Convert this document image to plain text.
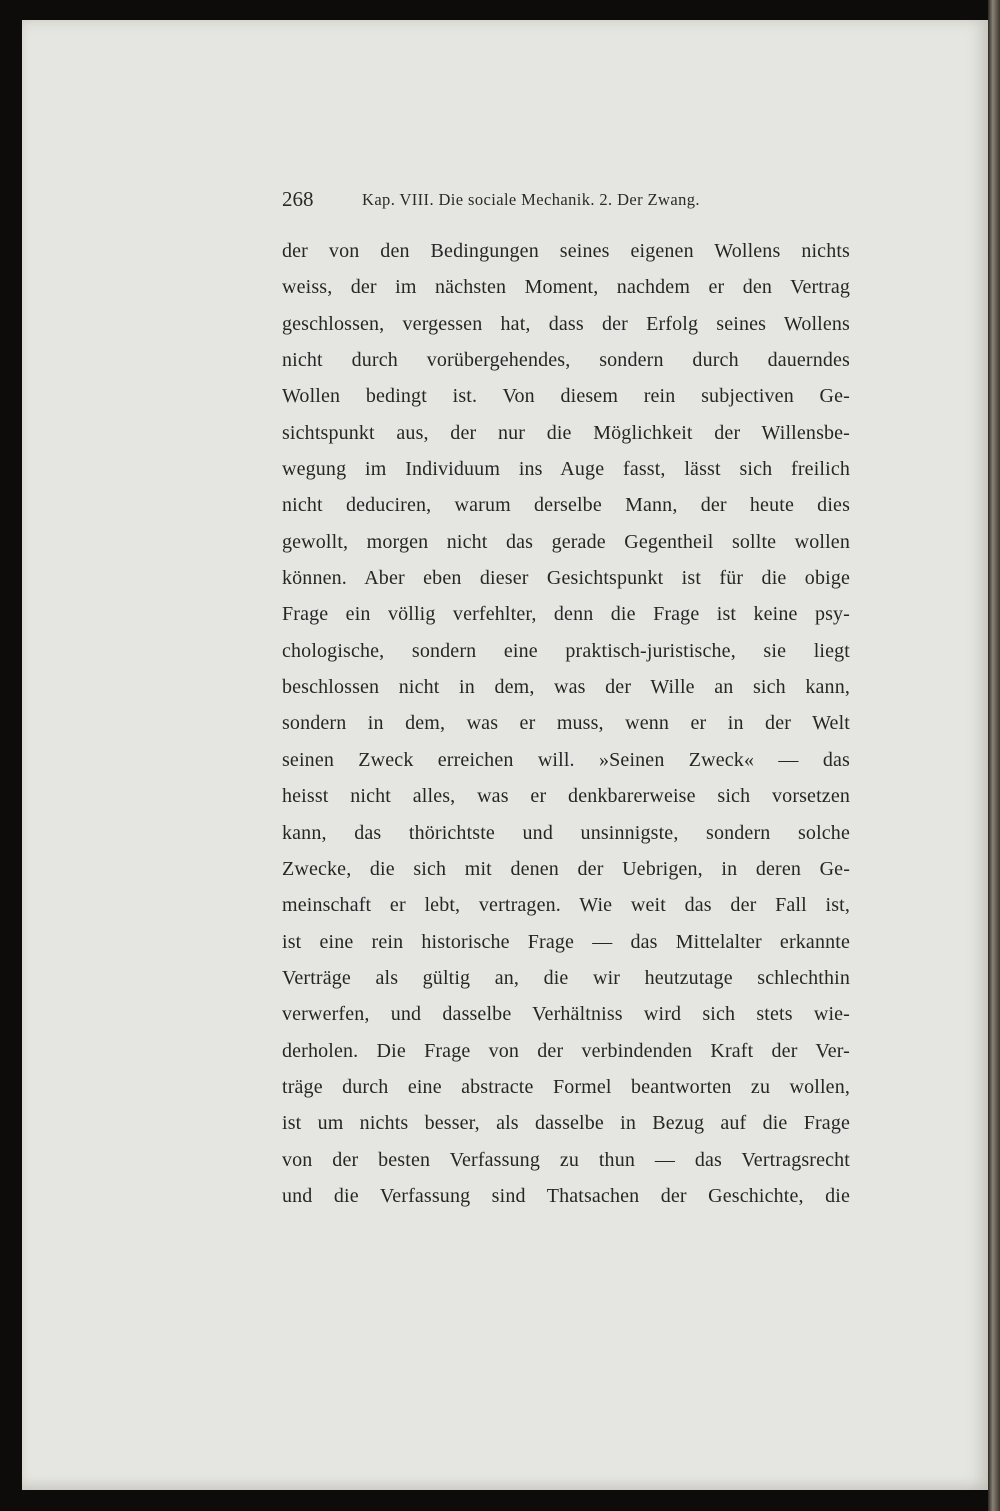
268	Kap. VIII. Die sociale Mechanik. 2. Der Zwang.
der von den Bedingungen seines eigenen Wollens nichts
weiss, der im nächsten Moment, nachdem er den Vertrag
geschlossen, vergessen hat, dass der Erfolg seines Wollens
nicht durch vorübergehendes, sondern durch dauerndes
Wollen bedingt ist. Von diesem rein subjectiven Ge-
sichtspunkt aus, der nur die Möglichkeit der Willensbe-
wegung im Individuum ins Auge fasst, lässt sich freilich
nicht deduciren, warum derselbe Mann, der heute dies
gewollt, morgen nicht das gerade Gegentheil sollte wollen
können. Aber eben dieser Gesichtspunkt ist für die obige
Frage ein völlig verfehlter, denn die Frage ist keine psy-
chologische, sondern eine praktisch-juristische, sie liegt
beschlossen nicht in dem, was der Wille an sich kann,
sondern in dem, was er muss, wenn er in der Welt
seinen Zweck erreichen will. »Seinen Zweck« — das
heisst nicht alles, was er denkbarerweise sich vorsetzen
kann, das thörichtste und unsinnigste, sondern solche
Zwecke, die sich mit denen der Uebrigen, in deren Ge-
meinschaft er lebt, vertragen. Wie weit das der Fall ist,
ist eine rein historische Frage — das Mittelalter erkannte
Verträge als gültig an, die wir heutzutage schlechthin
verwerfen, und dasselbe Verhältniss wird sich stets wie-
derholen. Die Frage von der verbindenden Kraft der Ver-
träge durch eine abstracte Formel beantworten zu wollen,
ist um nichts besser, als dasselbe in Bezug auf die Frage
von der besten Verfassung zu thun — das Vertragsrecht
und die Verfassung sind Thatsachen der Geschichte, die
